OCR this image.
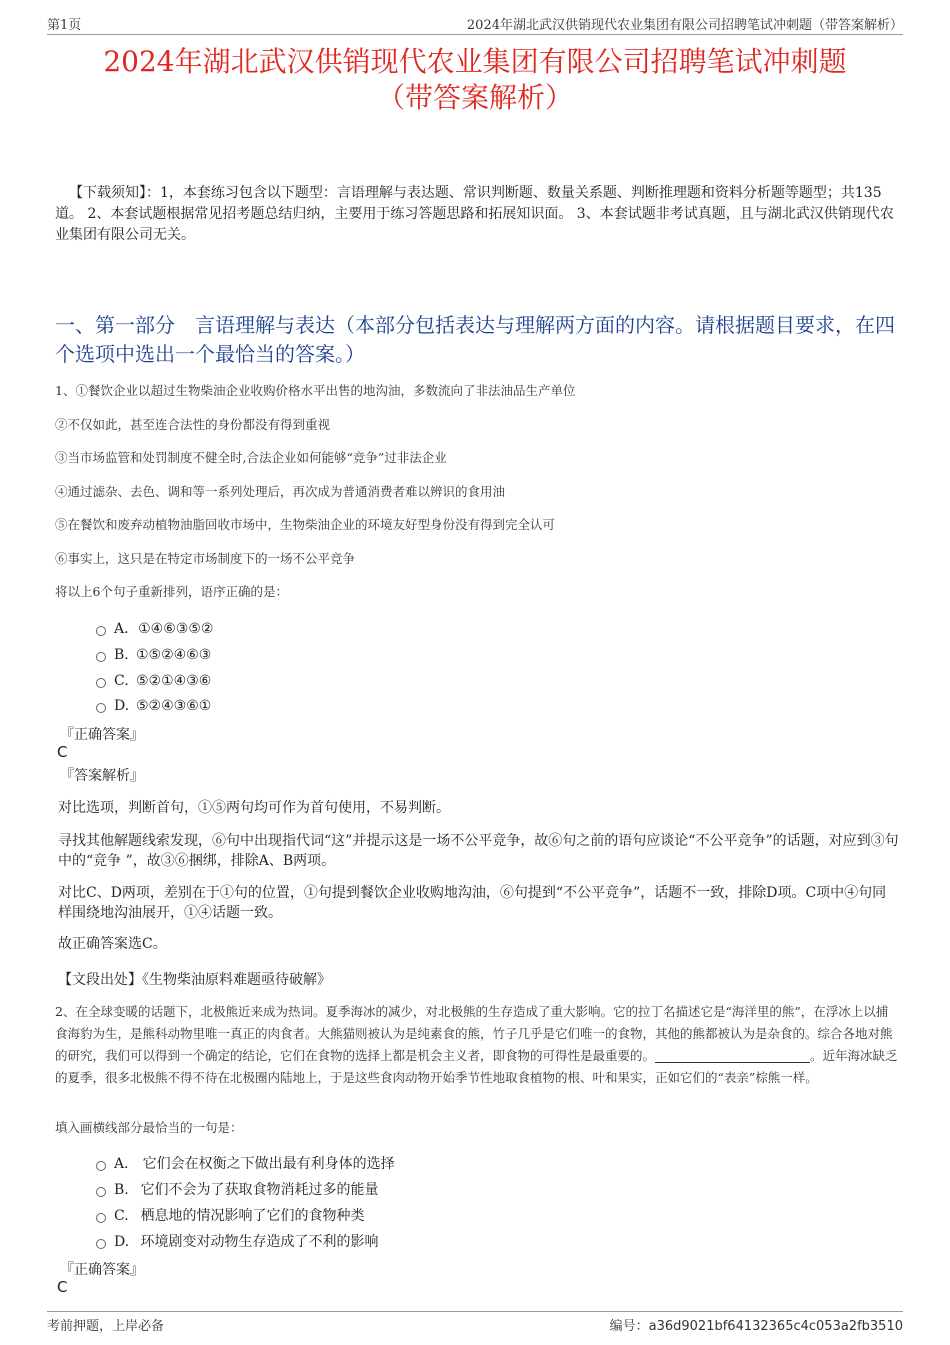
第1页	2024年湖北武汉供销现代农业集团有限公司招聘笔试冲刺题（带答案解析）
2024年湖北武汉供销现代农业集团有限公司招聘笔试冲刺题
（带答案解析）
【下载须知】：1，本套练习包含以下题型：言语理解与表达题、常识判断题、数量关系题、判断推理题和资料分析题等题型；共135道。 2、本套试题根据常见招考题总结归纳，主要用于练习答题思路和拓展知识面。 3、本套试题非考试真题，且与湖北武汉供销现代农业集团有限公司无关。
一、第一部分　言语理解与表达（本部分包括表达与理解两方面的内容。请根据题目要求，在四个选项中选出一个最恰当的答案。）
1、①餐饮企业以超过生物柴油企业收购价格水平出售的地沟油，多数流向了非法油品生产单位
②不仅如此，甚至连合法性的身份都没有得到重视
③当市场监管和处罚制度不健全时,合法企业如何能够“竞争”过非法企业
④通过滤杂、去色、调和等一系列处理后，再次成为普通消费者难以辨识的食用油
⑤在餐饮和废弃动植物油脂回收市场中，生物柴油企业的环境友好型身份没有得到完全认可
⑥事实上，这只是在特定市场制度下的一场不公平竞争
将以上6个句子重新排列，语序正确的是：
A．①④⑥③⑤②
B. ①⑤②④⑥③
C. ⑤②①④③⑥
D. ⑤②④③⑥①
『正确答案』
C
『答案解析』
对比选项，判断首句，①⑤两句均可作为首句使用，不易判断。
寻找其他解题线索发现，⑥句中出现指代词“这”并提示这是一场不公平竞争，故⑥句之前的语句应谈论“不公平竞争”的话题，对应到③句中的“竞争 ”，故③⑥捆绑，排除A、B两项。
对比C、D两项，差别在于①句的位置，①句提到餐饮企业收购地沟油，⑥句提到“不公平竞争”，话题不一致，排除D项。C项中④句同样围绕地沟油展开，①④话题一致。
故正确答案选C。
【文段出处】《生物柴油原料难题亟待破解》
2、在全球变暖的话题下，北极熊近来成为热词。夏季海冰的减少，对北极熊的生存造成了重大影响。它的拉丁名描述它是“海洋里的熊”，在浮冰上以捕食海豹为生，是熊科动物里唯一真正的肉食者。大熊猫则被认为是纯素食的熊，竹子几乎是它们唯一的食物，其他的熊都被认为是杂食的。综合各地对熊的研究，我们可以得到一个确定的结论，它们在食物的选择上都是机会主义者，即食物的可得性是最重要的。	。近年海冰缺乏的夏季，很多北极熊不得不待在北极圈内陆地上，于是这些食肉动物开始季节性地取食植物的根、叶和果实，正如它们的“表亲”棕熊一样。
填入画横线部分最恰当的一句是：
A． 它们会在权衡之下做出最有利身体的选择
B. 它们不会为了获取食物消耗过多的能量
C. 栖息地的情况影响了它们的食物种类
D. 环境剧变对动物生存造成了不利的影响
『正确答案』
C
考前押题，上岸必备	编号：a36d9021bf64132365c4c053a2fb3510
